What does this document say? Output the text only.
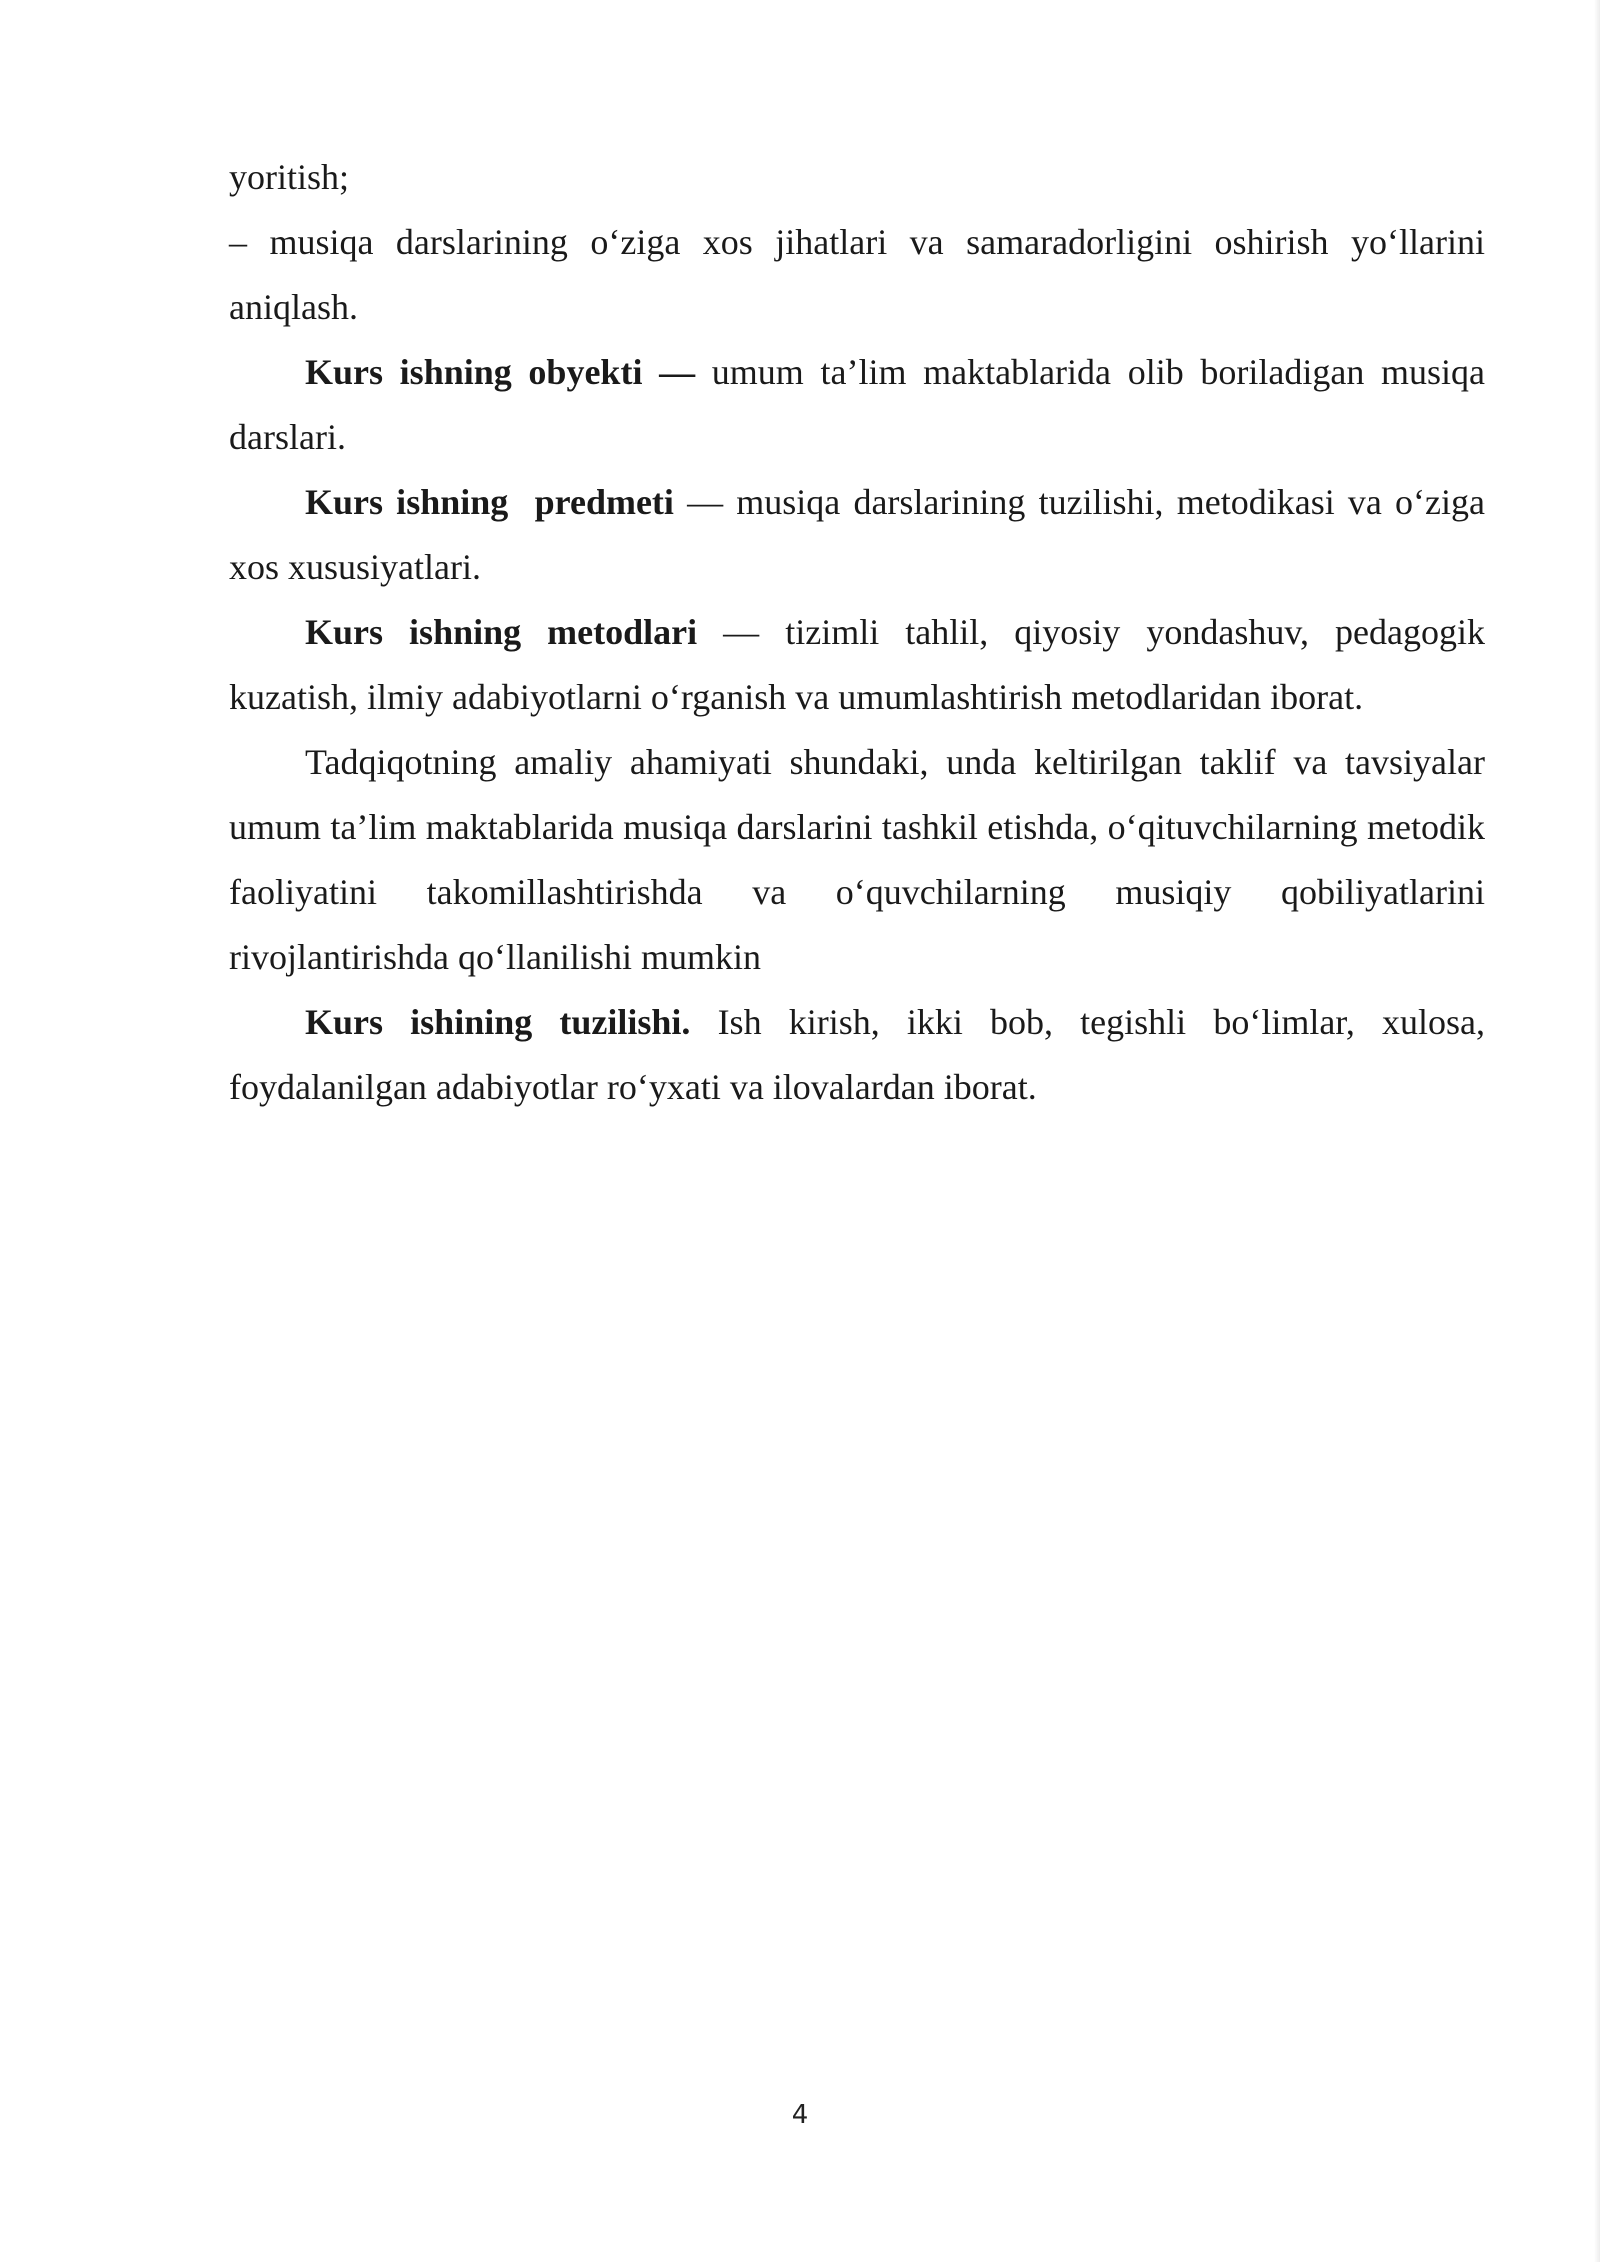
yoritish;

– musiqa darslarining o‘ziga xos jihatlari va samaradorligini oshirish yo‘llarini aniqlash.

Kurs ishning obyekti — umum ta’lim maktablarida olib boriladigan musiqa darslari.

Kurs ishning  predmeti — musiqa darslarining tuzilishi, metodikasi va o‘ziga xos xususiyatlari.

Kurs ishning metodlari — tizimli tahlil, qiyosiy yondashuv, pedagogik kuzatish, ilmiy adabiyotlarni o‘rganish va umumlashtirish metodlaridan iborat.

Tadqiqotning amaliy ahamiyati shundaki, unda keltirilgan taklif va tavsiyalar umum ta’lim maktablarida musiqa darslarini tashkil etishda, o‘qituvchilarning metodik faoliyatini takomillashtirishda va o‘quvchilarning musiqiy qobiliyatlarini rivojlantirishda qo‘llanilishi mumkin

Kurs ishining tuzilishi. Ish kirish, ikki bob, tegishli bo‘limlar, xulosa, foydalanilgan adabiyotlar ro‘yxati va ilovalardan iborat.

4
